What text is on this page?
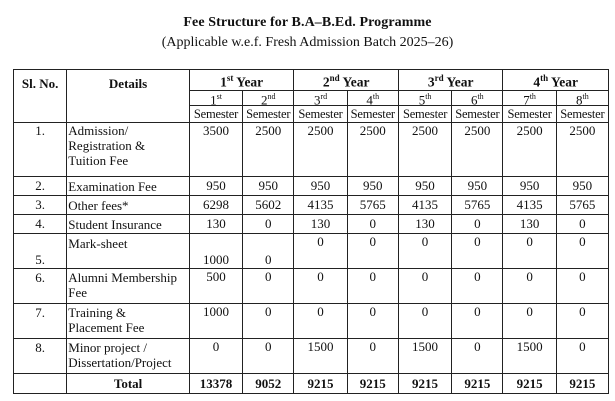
Fee Structure for B.A–B.Ed. Programme
(Applicable w.e.f. Fresh Admission Batch 2025–26)
Sl. No.	Details	1st Year		2nd Year		3rd Year		4th Year	
		1st	2nd	3rd	4th	5th	6th	7th	8th
		Semester	Semester	Semester	Semester	Semester	Semester	Semester	Semester
1.	Admission/
Registration &
Tuition Fee	3500	2500	2500	2500	2500	2500	2500	2500
2.	Examination Fee	950	950	950	950	950	950	950	950
3.	Other fees*	6298	5602	4135	5765	4135	5765	4135	5765
4.	Student Insurance	130	0	130	0	130	0	130	0
5.	Mark-sheet	1000	0	0	0	0	0	0	0
6.	Alumni Membership
Fee	500	0	0	0	0	0	0	0
7.	Training &
Placement Fee	1000	0	0	0	0	0	0	0
8.	Minor project /
Dissertation/Project	0	0	1500	0	1500	0	1500	0
	Total	13378	9052	9215	9215	9215	9215	9215	9215
